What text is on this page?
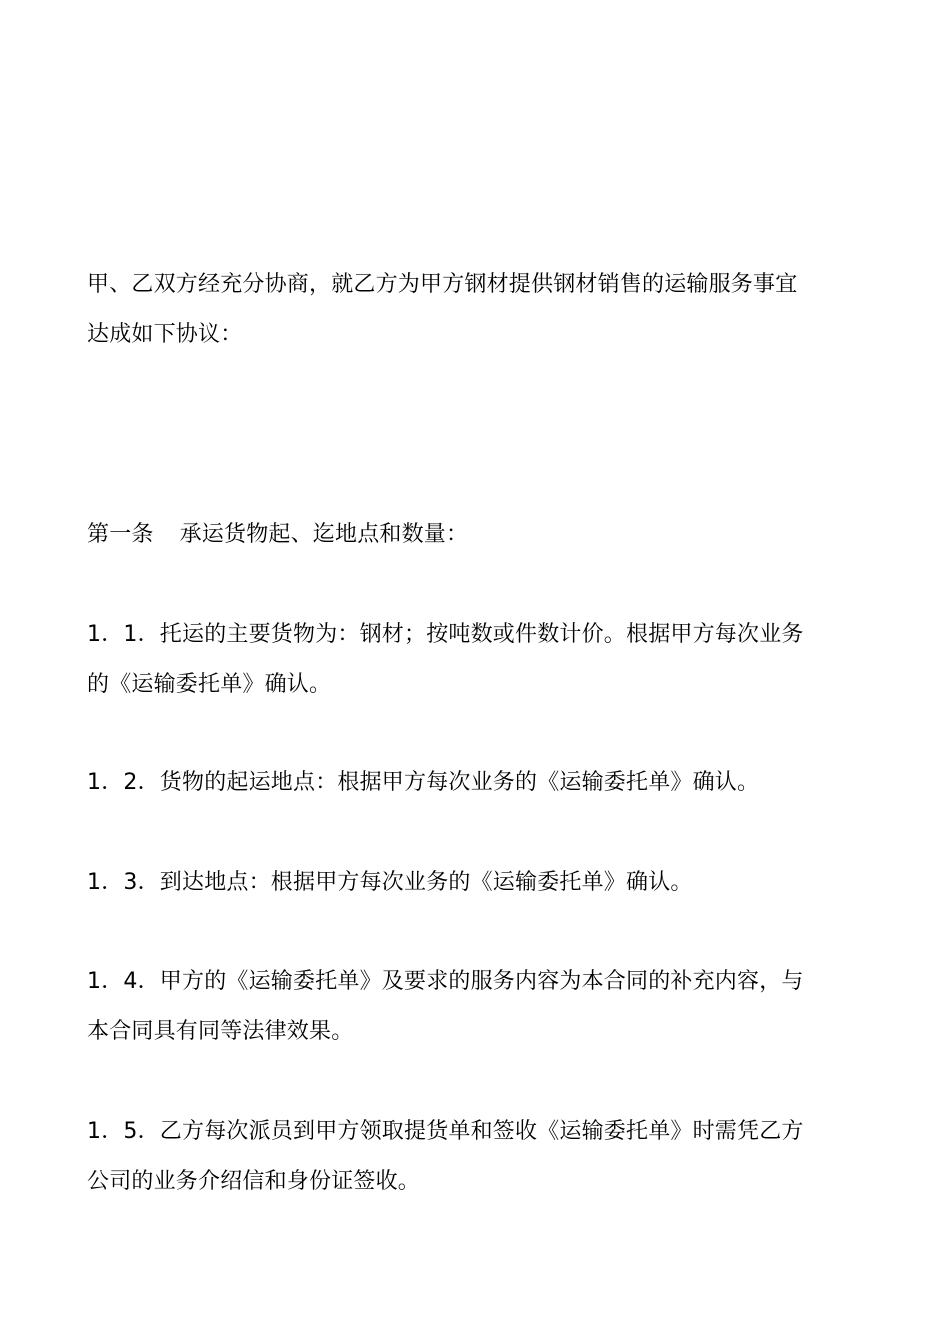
甲、乙双方经充分协商，就乙方为甲方钢材提供钢材销售的运输服务事宜
达成如下协议：

第一条 承运货物起、迄地点和数量：

1．1．托运的主要货物为：钢材；按吨数或件数计价。根据甲方每次业务
的《运输委托单》确认。

1．2．货物的起运地点：根据甲方每次业务的《运输委托单》确认。

1．3．到达地点：根据甲方每次业务的《运输委托单》确认。

1．4．甲方的《运输委托单》及要求的服务内容为本合同的补充内容，与
本合同具有同等法律效果。

1．5．乙方每次派员到甲方领取提货单和签收《运输委托单》时需凭乙方
公司的业务介绍信和身份证签收。
